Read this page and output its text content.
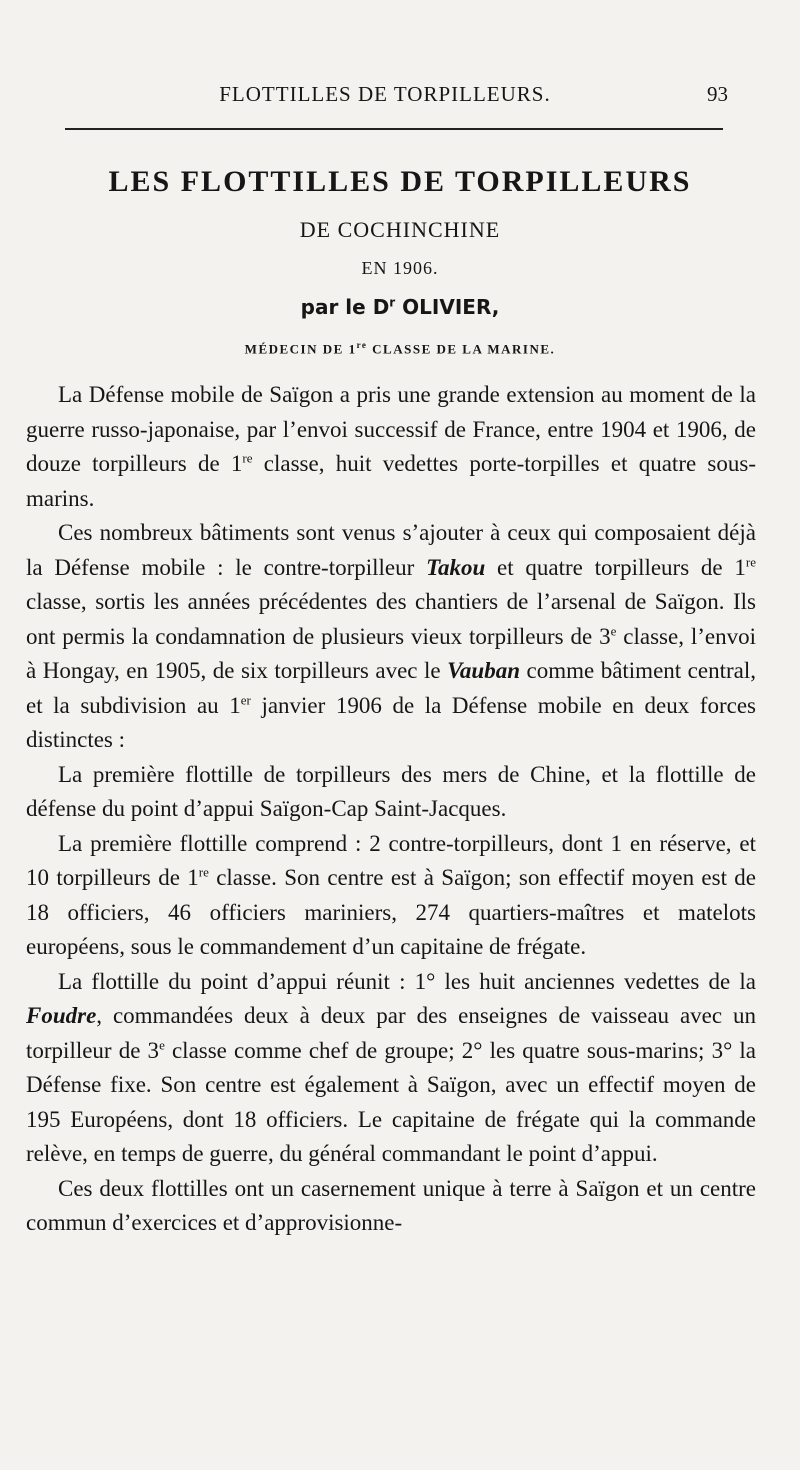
FLOTTILLES DE TORPILLEURS.	93
LES FLOTTILLES DE TORPILLEURS
DE COCHINCHINE
EN 1906.
par le $D^r$ OLIVIER,
MÉDECIN DE 1re CLASSE DE LA MARINE.

La Défense mobile de Saïgon a pris une grande extension au moment de la guerre russo-japonaise, par l’envoi successif de France, entre 1904 et 1906, de douze torpilleurs de 1re classe, huit vedettes porte-torpilles et quatre sous-marins.

Ces nombreux bâtiments sont venus s’ajouter à ceux qui composaient déjà la Défense mobile : le contre-torpilleur Takou et quatre torpilleurs de 1re classe, sortis les années précédentes des chantiers de l’arsenal de Saïgon. Ils ont permis la condamnation de plusieurs vieux torpilleurs de 3e classe, l’envoi à Hongay, en 1905, de six torpilleurs avec le Vauban comme bâtiment central, et la subdivision au 1er janvier 1906 de la Défense mobile en deux forces distinctes :

La première flottille de torpilleurs des mers de Chine, et la flottille de défense du point d’appui Saïgon-Cap Saint-Jacques.

La première flottille comprend : 2 contre-torpilleurs, dont 1 en réserve, et 10 torpilleurs de 1re classe. Son centre est à Saïgon; son effectif moyen est de 18 officiers, 46 officiers mariniers, 274 quartiers-maîtres et matelots européens, sous le commandement d’un capitaine de frégate.

La flottille du point d’appui réunit : 1° les huit anciennes vedettes de la Foudre, commandées deux à deux par des enseignes de vaisseau avec un torpilleur de 3e classe comme chef de groupe; 2° les quatre sous-marins; 3° la Défense fixe. Son centre est également à Saïgon, avec un effectif moyen de 195 Européens, dont 18 officiers. Le capitaine de frégate qui la commande relève, en temps de guerre, du général commandant le point d’appui.

Ces deux flottilles ont un casernement unique à terre à Saïgon et un centre commun d’exercices et d’approvisionne-
